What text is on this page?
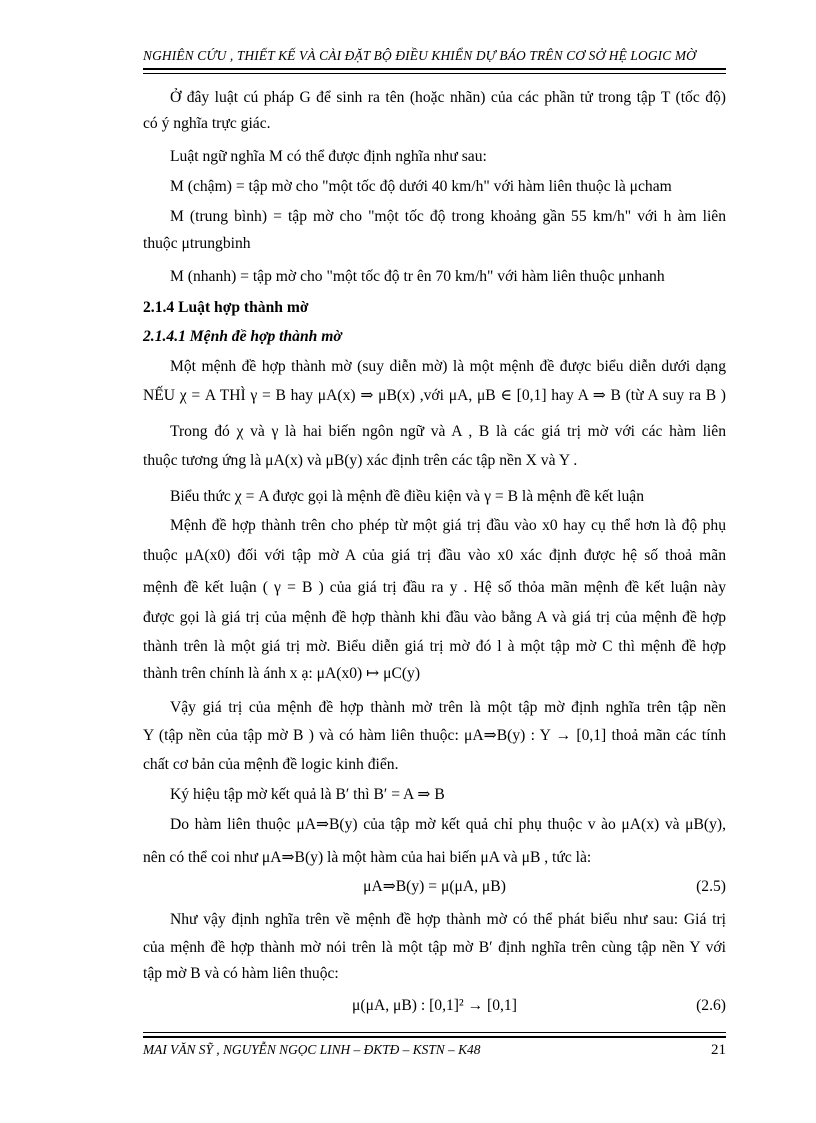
NGHIÊN CỨU , THIẾT KẾ VÀ CÀI ĐẶT BỘ ĐIỀU KHIỂN DỰ BÁO TRÊN CƠ SỞ HỆ LOGIC MỜ
Ở đây luật cú pháp G để sinh ra tên (hoặc nhãn) của các phần tử trong tập T (tốc độ)
có ý nghĩa trực giác.
Luật ngữ nghĩa M có thể được định nghĩa như sau:
M (chậm) = tập mờ cho "một tốc độ dưới 40 km/h" với hàm liên thuộc là μcham
M (trung bình) = tập mờ cho "một tốc độ trong khoảng gần 55 km/h" với h àm liên
thuộc μtrungbinh
M (nhanh) = tập mờ cho "một tốc độ tr ên 70 km/h" với hàm liên thuộc μnhanh
2.1.4 Luật hợp thành mờ
2.1.4.1 Mệnh đề hợp thành mờ
Một mệnh đề hợp thành mờ (suy diễn mờ) là một mệnh đề được biểu diễn dưới dạng
NẾU χ = A THÌ γ = B hay μA(x) ⇒ μB(x) ,với μA, μB ∈ [0,1] hay A ⇒ B (từ A suy ra B )
Trong đó χ và γ là hai biến ngôn ngữ và A , B là các giá trị mờ với các hàm liên
thuộc tương ứng là μA(x) và μB(y) xác định trên các tập nền X và Y .
Biểu thức χ = A được gọi là mệnh đề điều kiện và γ = B là mệnh đề kết luận
Mệnh đề hợp thành trên cho phép từ một giá trị đầu vào x0 hay cụ thể hơn là độ phụ
thuộc μA(x0) đối với tập mờ A của giá trị đầu vào x0 xác định được hệ số thoả mãn
mệnh đề kết luận ( γ = B ) của giá trị đầu ra y . Hệ số thỏa mãn mệnh đề kết luận này
được gọi là giá trị của mệnh đề hợp thành khi đầu vào bằng A và giá trị của mệnh đề hợp
thành trên là một giá trị mờ. Biểu diễn giá trị mờ đó l à một tập mờ C thì mệnh đề hợp
thành trên chính là ánh x ạ: μA(x0) ↦ μC(y)
Vậy giá trị của mệnh đề hợp thành mờ trên là một tập mờ định nghĩa trên tập nền
Y (tập nền của tập mờ B ) và có hàm liên thuộc: μA⇒B(y) : Y → [0,1] thoả mãn các tính
chất cơ bản của mệnh đề logic kinh điển.
Ký hiệu tập mờ kết quả là B′ thì B′ = A ⇒ B
Do hàm liên thuộc μA⇒B(y) của tập mờ kết quả chỉ phụ thuộc v ào μA(x) và μB(y),
nên có thể coi như μA⇒B(y) là một hàm của hai biến μA và μB , tức là:
μA⇒B(y) = μ(μA, μB)	(2.5)
Như vậy định nghĩa trên về mệnh đề hợp thành mờ có thể phát biểu như sau: Giá trị
của mệnh đề hợp thành mờ nói trên là một tập mờ B′ định nghĩa trên cùng tập nền Y với
tập mờ B và có hàm liên thuộc:
μ(μA, μB) : [0,1]² → [0,1]	(2.6)
MAI VĂN SỸ , NGUYỄN NGỌC LINH – ĐKTĐ – KSTN – K48	21
